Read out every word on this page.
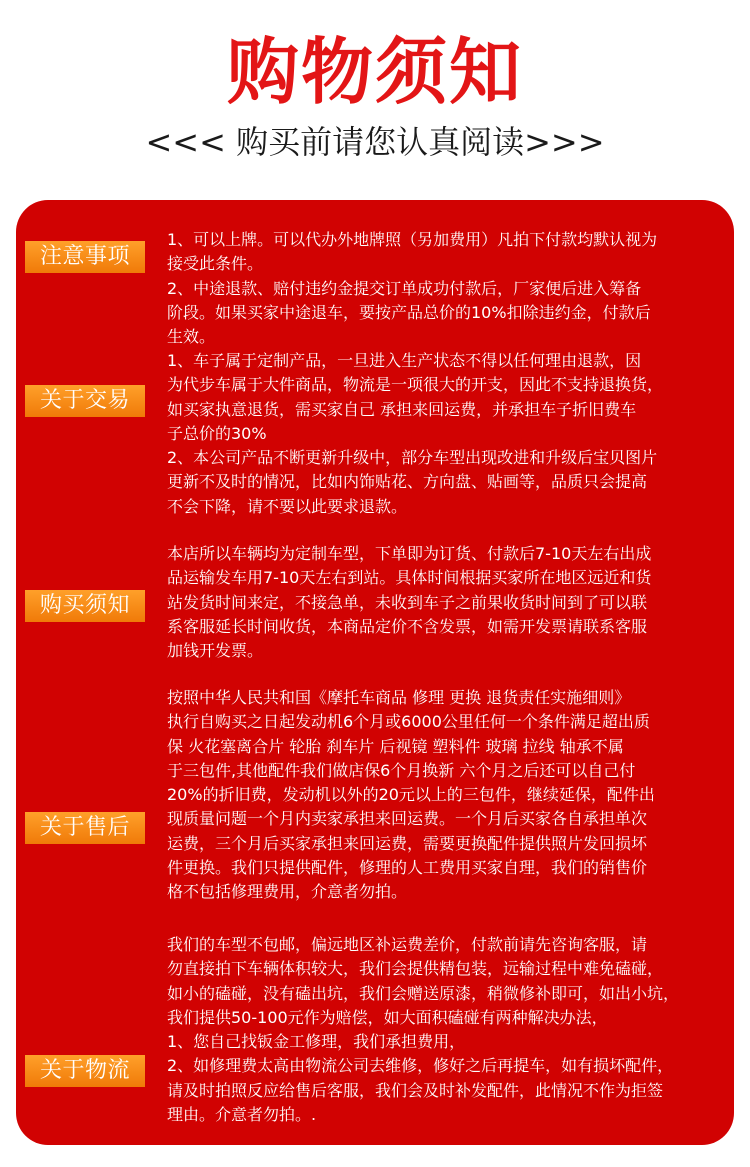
购物须知
<<< 购买前请您认真阅读>>>
注意事项

1、可以上牌。可以代办外地牌照（另加费用）凡拍下付款均默认视为

接受此条件。

2、中途退款、赔付违约金提交订单成功付款后，厂家便后进入筹备

阶段。如果买家中途退车，要按产品总价的10%扣除违约金，付款后

生效。

关于交易

1、车子属于定制产品，一旦进入生产状态不得以任何理由退款，因

为代步车属于大件商品，物流是一项很大的开支，因此不支持退换货，

如买家执意退货，需买家自己 承担来回运费，并承担车子折旧费车

子总价的30%

2、本公司产品不断更新升级中，部分车型出现改进和升级后宝贝图片

更新不及时的情况，比如内饰贴花、方向盘、贴画等，品质只会提高

不会下降，请不要以此要求退款。

购买须知

本店所以车辆均为定制车型，下单即为订货、付款后7-10天左右出成

品运输发车用7-10天左右到站。具体时间根据买家所在地区远近和货

站发货时间来定，不接急单，未收到车子之前果收货时间到了可以联

系客服延长时间收货，本商品定价不含发票，如需开发票请联系客服

加钱开发票。

关于售后

按照中华人民共和国《摩托车商品 修理 更换 退货责任实施细则》

执行自购买之日起发动机6个月或6000公里任何一个条件满足超出质

保 火花塞离合片 轮胎 刹车片 后视镜 塑料件 玻璃 拉线 轴承不属

于三包件,其他配件我们做店保6个月换新 六个月之后还可以自己付

20%的折旧费，发动机以外的20元以上的三包件，继续延保，配件出

现质量问题一个月内卖家承担来回运费。一个月后买家各自承担单次

运费，三个月后买家承担来回运费，需要更换配件提供照片发回损坏

件更换。我们只提供配件，修理的人工费用买家自理，我们的销售价

格不包括修理费用，介意者勿拍。

关于物流

我们的车型不包邮，偏远地区补运费差价，付款前请先咨询客服，请

勿直接拍下车辆体积较大，我们会提供精包装，远输过程中难免磕碰，

如小的磕碰，没有磕出坑，我们会赠送原漆，稍微修补即可，如出小坑，

我们提供50-100元作为赔偿，如大面积磕碰有两种解决办法，

1、您自己找钣金工修理，我们承担费用，

2、如修理费太高由物流公司去维修，修好之后再提车，如有损坏配件，

请及时拍照反应给售后客服，我们会及时补发配件，此情况不作为拒签

理由。介意者勿拍。.
